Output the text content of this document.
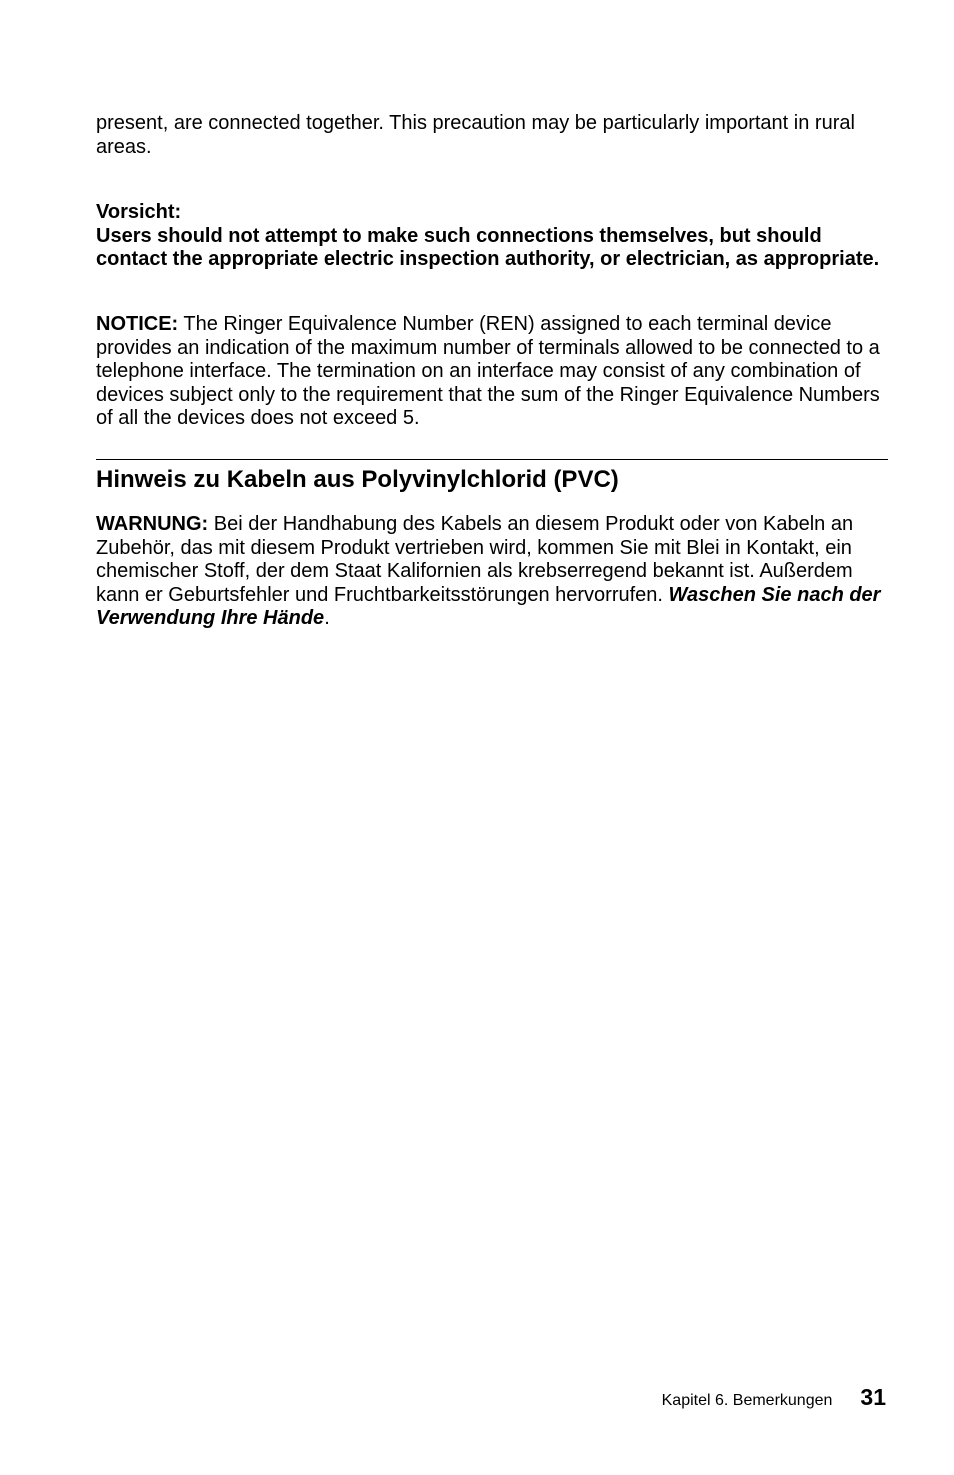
present, are connected together. This precaution may be particularly important in rural areas.

Vorsicht:

Users should not attempt to make such connections themselves, but should contact the appropriate electric inspection authority, or electrician, as appropriate.

NOTICE: The Ringer Equivalence Number (REN) assigned to each terminal device provides an indication of the maximum number of terminals allowed to be connected to a telephone interface. The termination on an interface may consist of any combination of devices subject only to the requirement that the sum of the Ringer Equivalence Numbers of all the devices does not exceed 5.

Hinweis zu Kabeln aus Polyvinylchlorid (PVC)

WARNUNG: Bei der Handhabung des Kabels an diesem Produkt oder von Kabeln an Zubehör, das mit diesem Produkt vertrieben wird, kommen Sie mit Blei in Kontakt, ein chemischer Stoff, der dem Staat Kalifornien als krebserregend bekannt ist. Außerdem kann er Geburtsfehler und Fruchtbarkeitsstörungen hervorrufen. Waschen Sie nach der Verwendung Ihre Hände.

Kapitel 6. Bemerkungen 31
